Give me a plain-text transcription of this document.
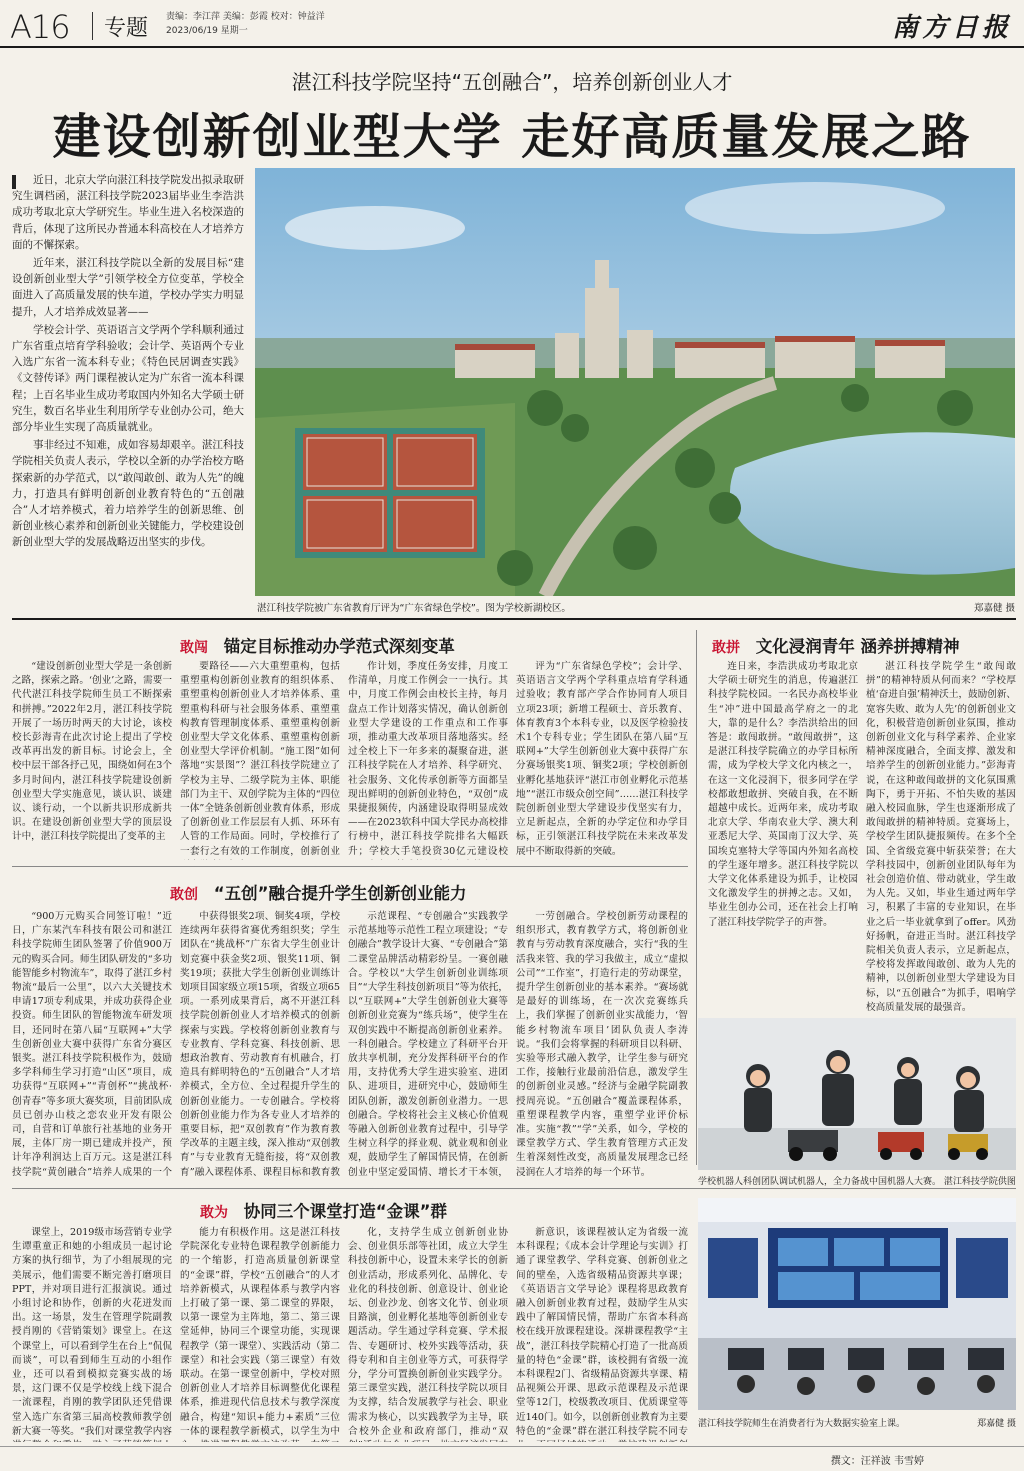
A16 专题 责编：李江萍 美编：彭霞 校对：钟益洋
2023/06/19 星期一	南方日报
湛江科技学院坚持“五创融合”，培养创新创业人才
建设创新创业型大学 走好高质量发展之路

近日，北京大学向湛江科技学院发出拟录取研究生调档函，湛江科技学院2023届毕业生李浩洪成功考取北京大学研究生。毕业生进入名校深造的背后，体现了这所民办普通本科高校在人才培养方面的不懈探索。

近年来，湛江科技学院以全新的发展目标“建设创新创业型大学”引领学校全方位变革，学校全面进入了高质量发展的快车道，学校办学实力明显提升，人才培养成效显著——

学校会计学、英语语言文学两个学科顺利通过广东省重点培育学科验收；会计学、英语两个专业入选广东省一流本科专业；《特色民居调查实践》《文替传译》两门课程被认定为广东省一流本科课程；上百名毕业生成功考取国内外知名大学硕士研究生，数百名毕业生利用所学专业创办公司，绝大部分毕业生实现了高质量就业。

事非经过不知难，成如容易却艰辛。湛江科技学院相关负责人表示，学校以全新的办学治校方略探索新的办学范式，以“敢闯敢创、敢为人先”的魄力，打造具有鲜明创新创业教育特色的“五创融合”人才培养模式，着力培养学生的创新思维、创新创业核心素养和创新创业关键能力，学校建设创新创业型大学的发展战略迈出坚实的步伐。

湛江科技学院被广东省教育厅评为“广东省绿色学校”。图为学校新湖校区。	郑嘉健 摄
敢闯 锚定目标推动办学范式深刻变革
“建设创新创业型大学是一条创新之路，探索之路。‘创业’之路，需要一代代湛江科技学院师生员工不断探索和拼搏。”2022年2月，湛江科技学院开展了一场历时两天的大讨论，该校校长彭海青在此次讨论上提出了学校改革再出发的新目标。讨论会上，全校中层干部各抒己见，围绕如何在3个多月时间内，湛江科技学院建设创新创业型大学实施意见，谈认识、谈建议、谈行动，一个以新共识形成新共识。在建设创新创业型大学的顶层设计中，湛江科技学院提出了变革的主
要路径——六大重塑重构，包括重塑重构创新创业教育的组织体系、重塑重构创新创业人才培养体系、重塑重构科研与社会服务体系、重塑重构教育管理制度体系、重塑重构创新创业型大学文化体系、重塑重构创新创业型大学评价机制。“施工图”如何落地“实景图”？湛江科技学院建立了学校为主导、二级学院为主体、职能部门为主干、双创学院为主体的“四位一体”全链条创新创业教育体系，形成了创新创业工作层层有人抓、环环有人管的工作局面。同时，学校推行了一套行之有效的工作制度，创新创业
作计划，季度任务安排，月度工作清单，月度工作例会一一执行。其中，月度工作例会由校长主持，每月盘点工作计划落实情况，确认创新创业型大学建设的工作重点和工作事项，推动重大改革项目落地落实。经过全校上下一年多来的凝聚奋进，湛江科技学院在人才培养、科学研究、社会服务、文化传承创新等方面都呈现出鲜明的创新创业特色，“双创”成果捷报频传，内涵建设取得明显成效——在2023软科中国大学民办高校排行榜中，湛江科技学院排名大幅跃升；学校大手笔投资30亿元建设校
评为“广东省绿色学校”；会计学、英语语言文学两个学科重点培育学科通过验收；教育部产学合作协同育人项目立项23项；新增工程硕士、音乐教育、体育教育3个本科专业，以及医学检验技术1个专科专业；学生团队在第八届“互联网+”大学生创新创业大赛中获得广东分赛场银奖1项、铜奖2项；学校创新创业孵化基地获评“湛江市创业孵化示范基地”“湛江市级众创空间”……湛江科技学院创新创业型大学建设步伐坚实有力，立足新起点，全新的办学定位和办学目标，正引领湛江科技学院在未来改革发展中不断取得新的突破。
敢拼 文化浸润青年 涵养拼搏精神
连日来，李浩洪成功考取北京大学硕士研究生的消息，传遍湛江科技学院校园。一名民办高校毕业生“冲”进中国最高学府之一的北大，靠的是什么？李浩洪给出的回答是：敢闯敢拼。“敢闯敢拼”，这是湛江科技学院确立的办学目标所需，成为学校大学文化内核之一，在这一文化浸润下，很多同学在学校都敢想敢拼、突破自我，在不断超越中成长。近两年来，成功考取北京大学、华南农业大学、澳大利亚悉尼大学、英国南丁汉大学、英国埃克塞特大学等国内外知名高校的学生逐年增多。湛江科技学院以大学文化体系建设为抓手，让校园文化激发学生的拼搏之志。又如，毕业生创办公司，还在社会上打响了湛江科技学院学子的声誉。
湛江科技学院学生“敢闯敢拼”的精神特质从何而来？“学校厚植‘奋进自强’精神沃土，鼓励创新、宽容失败、敢为人先’的创新创业文化，积极营造创新创业氛围，推动创新创业文化与科学素养、企业家精神深度融合，全面支撑、激发和培养学生的创新创业能力。”彭海青说，在这种敢闯敢拼的文化氛围熏陶下，勇于开拓、不怕失败的基因融入校园血脉，学生也逐渐形成了敢闯敢拼的精神特质。竞赛场上，学校学生团队捷报频传。在多个全国、全省级竞赛中斩获荣誉；在大学科技园中，创新创业团队每年为社会创造价值、带动就业，学生敢为人先。又如，毕业生通过两年学习，积累了丰富的专业知识，在毕业之后一毕业就拿到了offer。风劲好扬帆，奋进正当时。湛江科技学院相关负责人表示，立足新起点，学校将发挥敢闯敢创、敢为人先的精神，以创新创业型大学建设为目标，以“五创融合”为抓手，唱响学校高质量发展的最强音。
敢创 “五创”融合提升学生创新创业能力
“900万元购买合同签订啦！”近日，广东某汽车科技有限公司和湛江科技学院师生团队签署了价值900万元的购买合同。师生团队研发的“多功能智能乡村物流车”，取得了湛江乡村物流“最后一公里”，以六大关键技术申请17项专利成果，并成功获得企业投资。师生团队的智能物流车研发项目，还同时在第八届“互联网+”大学生创新创业大赛中获得广东省分赛区银奖。湛江科技学院积极作为，鼓励多学科师生学习打造“山区”项目，成功获得“互联网+”“青创杯”“挑战杯·创青春”等多项大赛奖项，目前团队成员已创办山枝之恋农业开发有限公司，自营和订单旅行社基地的业务开展，主体厂房一期已建成并投产，预计年净利润达上百万元。这是湛江科技学院“黄创融合”培养人成果的一个
中获得银奖2项、铜奖4项，学校连续两年获得省赛优秀组织奖；学生团队在“挑战杯”广东省大学生创业计划竞赛中获金奖2项、银奖11项、铜奖19项；获批大学生创新创业训练计划项目国家级立项15项，省级立项65项。一系列成果背后，离不开湛江科技学院创新创业人才培养模式的创新探索与实践。学校将创新创业教育与专业教育、学科竞赛、科技创新、思想政治教育、劳动教育有机融合，打造具有鲜明特色的“五创融合”人才培养模式，全方位、全过程提升学生的创新创业能力。一专创融合。学校将创新创业能力作为各专业人才培养的重要目标，把“双创教育”作为教育教学改革的主题主线，深入推动“双创教育”与专业教育无缝衔接，将“双创教育”融入课程体系、课程目标和教育教
示范课程、“专创融合”实践教学示范基地等示范性工程立项建设；“专创融合”教学设计大赛、“专创融合”第二课堂品牌活动精彩纷呈。一赛创融合。学校以“大学生创新创业训练项目”“大学生科技创新项目”等为依托，以“互联网+”大学生创新创业大赛等创新创业竞赛为“练兵场”，使学生在双创实践中不断提高创新创业素养。一科创融合。学校建立了科研平台开放共享机制，充分发挥科研平台的作用，支持优秀大学生进实验室、进团队、进项目，进研究中心，鼓励师生团队创新，激发创新创业潜力。一思创融合。学校将社会主义核心价值观等融入创新创业教育过程中，引导学生树立科学的择业观、就业观和创业观，鼓励学生了解国情民情，在创新创业中坚定爱国情、增长才干本领，
一劳创融合。学校创新劳动课程的组织形式，教育教学方式，将创新创业教育与劳动教育深度融合，实行“我的生活我来管、我的学习我做主，成立“虚拟公司”“工作室”，打造行走的劳动课堂，提升学生创新创业的基本素养。“赛场就是最好的训练场，在一次次竞赛练兵上，我们掌握了创新创业实战能力，‘智能乡村物流车项目’团队负责人李涛说。“我们会将掌握的科研项目以科研、实验等形式融入教学，让学生参与研究工作，接触行业最前沿信息，激发学生的创新创业灵感。”经济与金融学院副教授周亮说。“五创融合”覆盖课程体系，重塑课程教学内容，重塑学业评价标准。实施“教”“学”关系，如今，学校的课堂教学方式、学生教育管理方式正发生着深刻性改变，高质量发展理念已经浸润在人才培养的每一个环节。
学校机器人科创团队调试机器人，全力备战中国机器人大赛。 湛江科技学院供图
敢为 协同三个课堂打造“金课”群
课堂上，2019级市场营销专业学生谭重童正和她的小组成员一起讨论方案的执行细节，为了小组展现的完美展示，他们需要不断完善打磨项目PPT，并对项目进行汇报演说。通过小组讨论和协作，创新的火花迸发而出。这一场景，发生在管理学院副教授肖刚的《营销策划》课堂上。在这个课堂上，可以看到学生在台上“侃侃而谈”，可以看到师生互动的小组作业，还可以看到模拟竞赛实战的场景，这门课不仅是学校线上线下混合一流课程，肖刚的教学团队还凭借课堂入选广东省第三届高校教师教学创新大赛一等奖。“我们对课堂教学内容
能力有积极作用。这是湛江科技学院深化专业特色课程教学创新能力的一个缩影，打造高质量创新课堂的“金课”群，学校“五创融合”的人才培养新模式，从课程体系与教学内容上打破了第一课、第二课堂的界限，以第一课堂为主阵地，第二、第三课堂延伸，协同三个课堂功能，实现课程教学（第一课堂）、实践活动（第二课堂）和社会实践（第三课堂）有效联动。在第一课堂创新中，学校对照创新创业人才培养目标调整优化课程体系，推进现代信息技术与教学深度融合，构建“知识+能力+素质”三位一体的课程教学新模式，以学生为中
化，支持学生成立创新创业协会、创业俱乐部等社团，成立大学生科技创新中心，设置未来学长的创新创业活动，形成系列化、品牌化、专业化的科技创新、创意设计、创业论坛、创业沙龙、创客文化节、创业项目路演，创业孵化基地等创新创业专题活动。学生通过学科竞赛、学术报告、专题研讨、校外实践等活动，获得专利和自主创业等方式，可获得学分，学分可置换创新创业实践学分。第三课堂实践，湛江科技学院以项目为支撑，结合发展教学与社会、职业需求为核心，以实践教学为主导，联合校外企业和政府部门，推动“双
新意识，该课程被认定为省级一流本科课程；《成本会计学理论与实训》打通了课堂教学、学科竞赛、创新创业之间的壁垒，入选省级精品资源共享课；《英语语言文学导论》课程将思政教育融入创新创业教育过程，鼓励学生从实践中了解国情民情，帮助广东省本科高校在线开放课程建设。深耕课程教学“主战”，湛江科技学院精心打造了一批高质量的特色“金课”群，该校拥有省级一流本科课程2门、省级精品资源共享课、精品视频公开课、思政示范课程及示范课堂等12门，校级教改项目、优质课堂等近140门。如今，以创新创业教育为主要特色的“金课”群在湛江科技学院不同专
湛江科技学院师生在消费者行为大数据实验室上课。	郑嘉健 摄
撰文：汪祥波 韦雪婷
